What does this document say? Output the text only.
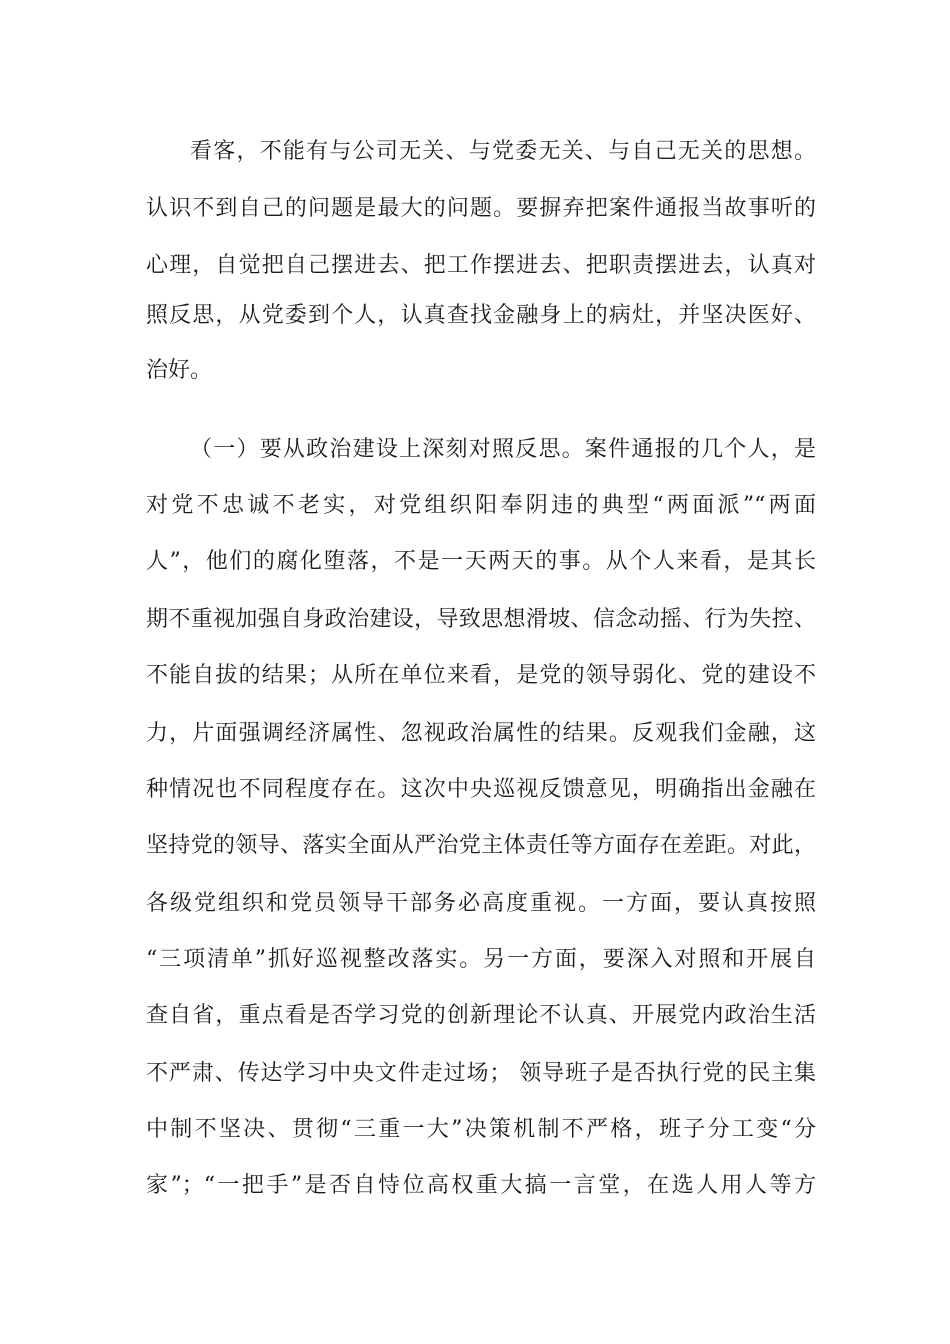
看客，不能有与公司无关、与党委无关、与自己无关的思想。
认识不到自己的问题是最大的问题。要摒弃把案件通报当故事听的
心理，自觉把自己摆进去、把工作摆进去、把职责摆进去，认真对
照反思，从党委到个人，认真查找金融身上的病灶，并坚决医好、
治好。
（一）要从政治建设上深刻对照反思。案件通报的几个人，是
对党不忠诚不老实，对党组织阳奉阴违的典型“两面派”“两面
人”，他们的腐化堕落，不是一天两天的事。从个人来看，是其长
期不重视加强自身政治建设，导致思想滑坡、信念动摇、行为失控、
不能自拔的结果；从所在单位来看，是党的领导弱化、党的建设不
力，片面强调经济属性、忽视政治属性的结果。反观我们金融，这
种情况也不同程度存在。这次中央巡视反馈意见，明确指出金融在
坚持党的领导、落实全面从严治党主体责任等方面存在差距。对此，
各级党组织和党员领导干部务必高度重视。一方面，要认真按照
“三项清单”抓好巡视整改落实。另一方面，要深入对照和开展自
查自省，重点看是否学习党的创新理论不认真、开展党内政治生活
不严肃、传达学习中央文件走过场； 领导班子是否执行党的民主集
中制不坚决、贯彻“三重一大”决策机制不严格，班子分工变“分
家”；“一把手”是否自恃位高权重大搞一言堂，在选人用人等方
